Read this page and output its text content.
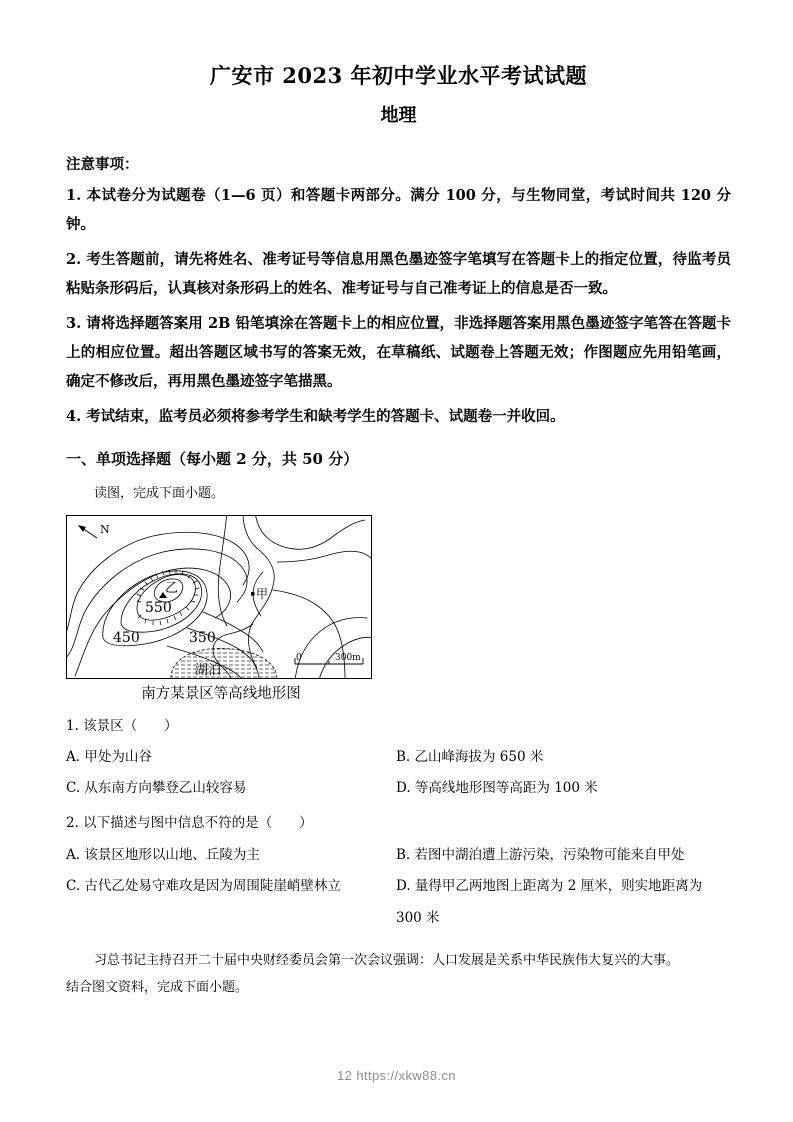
广安市 2023 年初中学业水平考试试题
地理
注意事项：
1. 本试卷分为试题卷（1—6 页）和答题卡两部分。满分 100 分，与生物同堂，考试时间共 120 分钟。
2. 考生答题前，请先将姓名、准考证号等信息用黑色墨迹签字笔填写在答题卡上的指定位置，待监考员粘贴条形码后，认真核对条形码上的姓名、准考证号与自己准考证上的信息是否一致。
3. 请将选择题答案用 2B 铅笔填涂在答题卡上的相应位置，非选择题答案用黑色墨迹签字笔答在答题卡上的相应位置。超出答题区域书写的答案无效，在草稿纸、试题卷上答题无效；作图题应先用铅笔画，确定不修改后，再用黑色墨迹签字笔描黑。
4. 考试结束，监考员必须将参考学生和缺考学生的答题卡、试题卷一并收回。
一、单项选择题（每小题 2 分，共 50 分）
读图，完成下面小题。
N
550
450	350
乙	甲
湖泊
0	300m
南方某景区等高线地形图
1. 该景区（　　）
A. 甲处为山谷	B. 乙山峰海拔为 650 米
C. 从东南方向攀登乙山较容易	D. 等高线地形图等高距为 100 米
2. 以下描述与图中信息不符的是（　　）
A. 该景区地形以山地、丘陵为主	B. 若图中湖泊遭上游污染，污染物可能来自甲处
C. 古代乙处易守难攻是因为周围陡崖峭壁林立	D. 量得甲乙两地图上距离为 2 厘米，则实地距离为 300 米
习总书记主持召开二十届中央财经委员会第一次会议强调：人口发展是关系中华民族伟大复兴的大事。
结合图文资料，完成下面小题。
12 https://xkw88.cn
